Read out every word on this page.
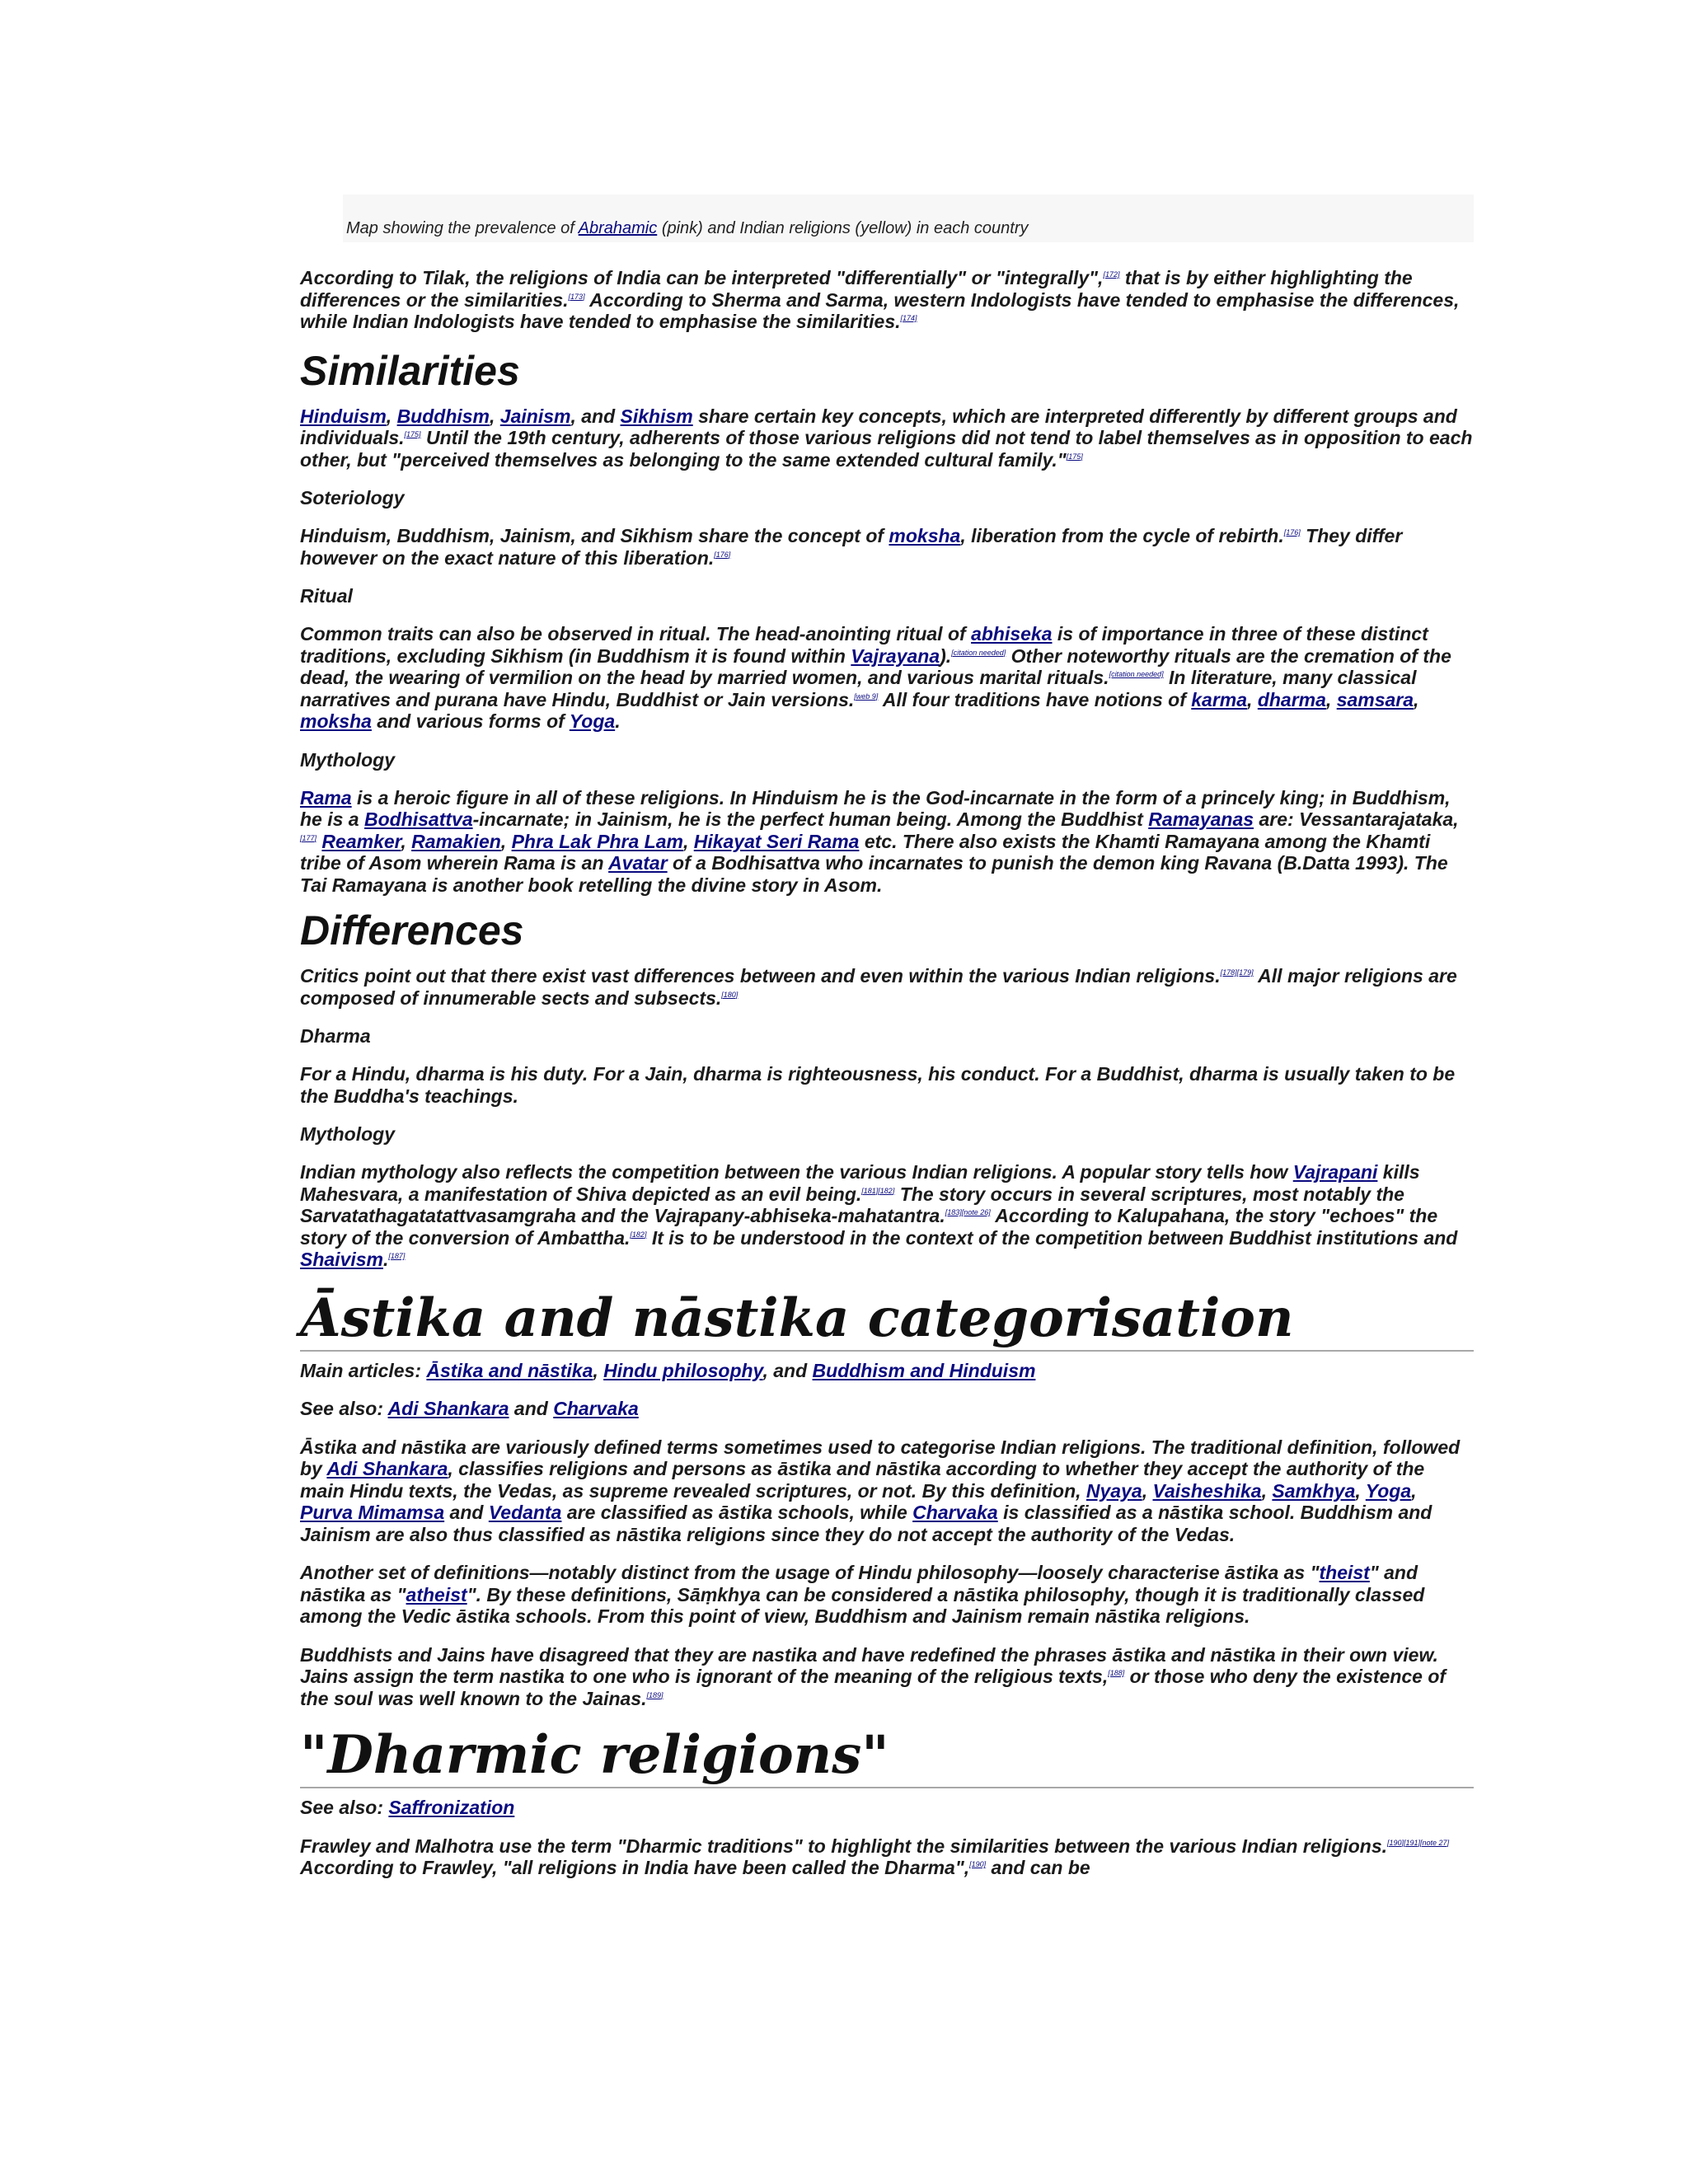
Map showing the prevalence of Abrahamic (pink) and Indian religions (yellow) in each country

According to Tilak, the religions of India can be interpreted "differentially" or "integrally",[172] that is by either highlighting the differences or the similarities.[173] According to Sherma and Sarma, western Indologists have tended to emphasise the differences, while Indian Indologists have tended to emphasise the similarities.[174]

Similarities

Hinduism, Buddhism, Jainism, and Sikhism share certain key concepts, which are interpreted differently by different groups and individuals.[175] Until the 19th century, adherents of those various religions did not tend to label themselves as in opposition to each other, but "perceived themselves as belonging to the same extended cultural family."[175]

Soteriology

Hinduism, Buddhism, Jainism, and Sikhism share the concept of moksha, liberation from the cycle of rebirth.[176] They differ however on the exact nature of this liberation.[176]

Ritual

Common traits can also be observed in ritual. The head-anointing ritual of abhiseka is of importance in three of these distinct traditions, excluding Sikhism (in Buddhism it is found within Vajrayana).[citation needed] Other noteworthy rituals are the cremation of the dead, the wearing of vermilion on the head by married women, and various marital rituals.[citation needed] In literature, many classical narratives and purana have Hindu, Buddhist or Jain versions.[web 9] All four traditions have notions of karma, dharma, samsara, moksha and various forms of Yoga.

Mythology

Rama is a heroic figure in all of these religions. In Hinduism he is the God-incarnate in the form of a princely king; in Buddhism, he is a Bodhisattva-incarnate; in Jainism, he is the perfect human being. Among the Buddhist Ramayanas are: Vessantarajataka,[177] Reamker, Ramakien, Phra Lak Phra Lam, Hikayat Seri Rama etc. There also exists the Khamti Ramayana among the Khamti tribe of Asom wherein Rama is an Avatar of a Bodhisattva who incarnates to punish the demon king Ravana (B.Datta 1993). The Tai Ramayana is another book retelling the divine story in Asom.

Differences

Critics point out that there exist vast differences between and even within the various Indian religions.[178][179] All major religions are composed of innumerable sects and subsects.[180]

Dharma

For a Hindu, dharma is his duty. For a Jain, dharma is righteousness, his conduct. For a Buddhist, dharma is usually taken to be the Buddha's teachings.

Mythology

Indian mythology also reflects the competition between the various Indian religions. A popular story tells how Vajrapani kills Mahesvara, a manifestation of Shiva depicted as an evil being.[181][182] The story occurs in several scriptures, most notably the Sarvatathagatatattvasamgraha and the Vajrapany-abhiseka-mahatantra.[183][note 26] According to Kalupahana, the story "echoes" the story of the conversion of Ambattha.[182] It is to be understood in the context of the competition between Buddhist institutions and Shaivism.[187]

Āstika and nāstika categorisation

Main articles: Āstika and nāstika, Hindu philosophy, and Buddhism and Hinduism

See also: Adi Shankara and Charvaka

Āstika and nāstika are variously defined terms sometimes used to categorise Indian religions. The traditional definition, followed by Adi Shankara, classifies religions and persons as āstika and nāstika according to whether they accept the authority of the main Hindu texts, the Vedas, as supreme revealed scriptures, or not. By this definition, Nyaya, Vaisheshika, Samkhya, Yoga, Purva Mimamsa and Vedanta are classified as āstika schools, while Charvaka is classified as a nāstika school. Buddhism and Jainism are also thus classified as nāstika religions since they do not accept the authority of the Vedas.

Another set of definitions—notably distinct from the usage of Hindu philosophy—loosely characterise āstika as "theist" and nāstika as "atheist". By these definitions, Sāṃkhya can be considered a nāstika philosophy, though it is traditionally classed among the Vedic āstika schools. From this point of view, Buddhism and Jainism remain nāstika religions.

Buddhists and Jains have disagreed that they are nastika and have redefined the phrases āstika and nāstika in their own view. Jains assign the term nastika to one who is ignorant of the meaning of the religious texts,[188] or those who deny the existence of the soul was well known to the Jainas.[189]

"Dharmic religions"

See also: Saffronization

Frawley and Malhotra use the term "Dharmic traditions" to highlight the similarities between the various Indian religions.[190][191][note 27] According to Frawley, "all religions in India have been called the Dharma",[190] and can be
